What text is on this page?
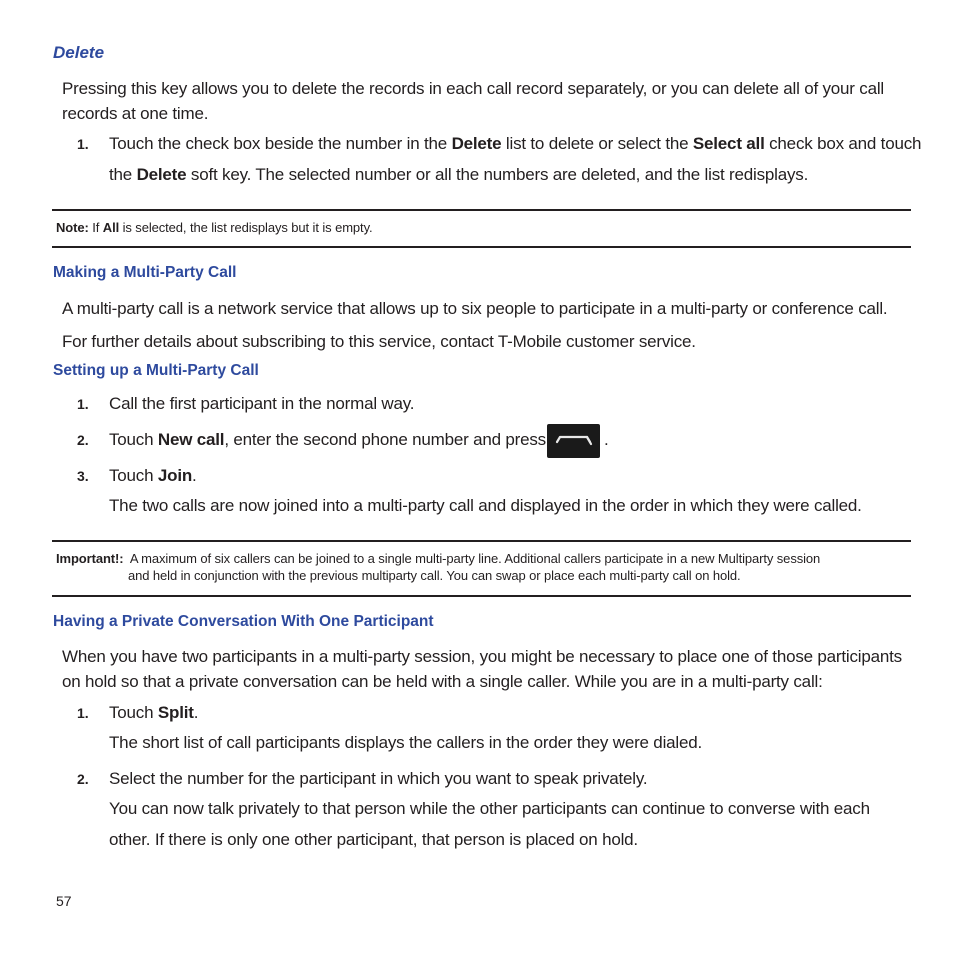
Delete
Pressing this key allows you to delete the records in each call record separately, or you can delete all of your call
records at one time.
1. Touch the check box beside the number in the Delete list to delete or select the Select all check box and touch
the Delete soft key. The selected number or all the numbers are deleted, and the list redisplays.
Note: If All is selected, the list redisplays but it is empty.
Making a Multi-Party Call
A multi-party call is a network service that allows up to six people to participate in a multi-party or conference call.
For further details about subscribing to this service, contact T-Mobile customer service.
Setting up a Multi-Party Call
1. Call the first participant in the normal way.
2. Touch New call, enter the second phone number and press	.
3. Touch Join.
The two calls are now joined into a multi-party call and displayed in the order in which they were called.
Important!: A maximum of six callers can be joined to a single multi-party line. Additional callers participate in a new Multiparty session
and held in conjunction with the previous multiparty call. You can swap or place each multi-party call on hold.
Having a Private Conversation With One Participant
When you have two participants in a multi-party session, you might be necessary to place one of those participants
on hold so that a private conversation can be held with a single caller. While you are in a multi-party call:
1. Touch Split.
The short list of call participants displays the callers in the order they were dialed.
2. Select the number for the participant in which you want to speak privately.
You can now talk privately to that person while the other participants can continue to converse with each
other. If there is only one other participant, that person is placed on hold.
57
